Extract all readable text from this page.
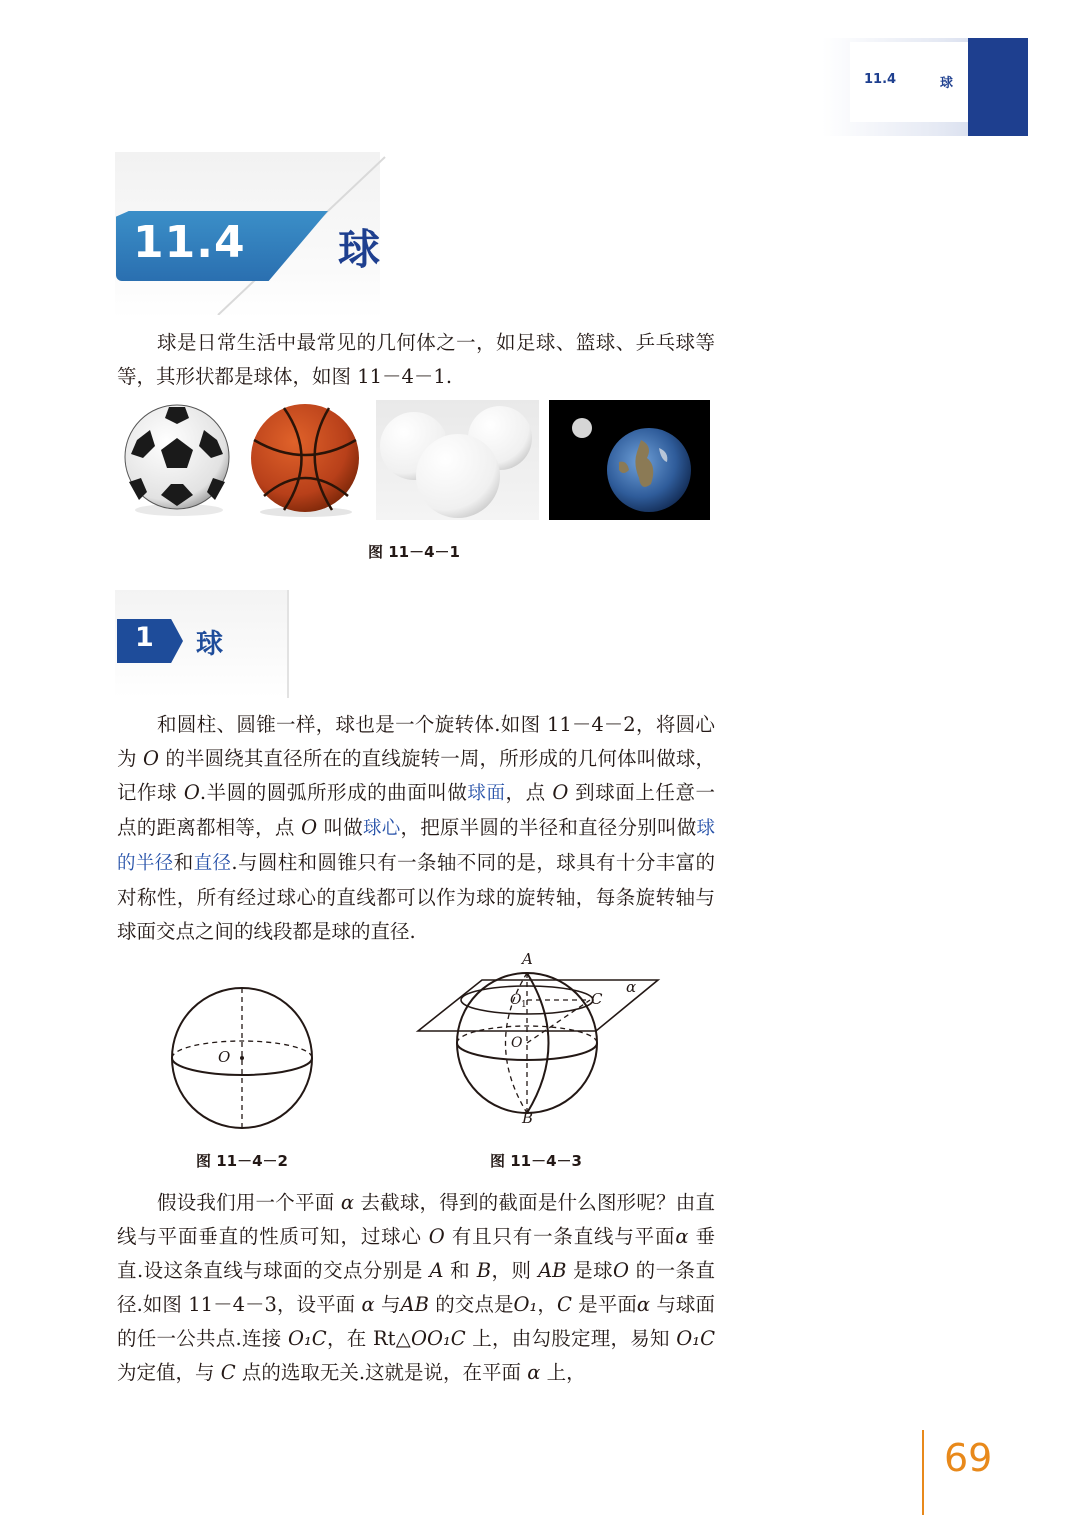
11.4	球
11.4 球

球是日常生活中最常见的几何体之一，如足球、篮球、乒乓球等等，其形状都是球体，如图 11－4－1.

图 11－4－1
1 球

和圆柱、圆锥一样，球也是一个旋转体.如图 11－4－2，将圆心为 O 的半圆绕其直径所在的直线旋转一周，所形成的几何体叫做球，记作球 O.半圆的圆弧所形成的曲面叫做球面，点 O 到球面上任意一点的距离都相等，点 O 叫做球心，把原半圆的半径和直径分别叫做球的半径和直径.与圆柱和圆锥只有一条轴不同的是，球具有十分丰富的对称性，所有经过球心的直线都可以作为球的旋转轴，每条旋转轴与球面交点之间的线段都是球的直径.

O
图 11－4－2
A
B
C
O 1
O
α
图 11－4－3

假设我们用一个平面 α 去截球，得到的截面是什么图形呢？由直线与平面垂直的性质可知，过球心 O 有且只有一条直线与平面α 垂直.设这条直线与球面的交点分别是 A 和 B，则 AB 是球O 的一条直径.如图 11－4－3，设平面 α 与AB 的交点是O₁，C 是平面α 与球面的任一公共点.连接 O₁C，在 Rt△OO₁C 上，由勾股定理，易知 O₁C 为定值，与 C 点的选取无关.这就是说，在平面 α 上，

69
